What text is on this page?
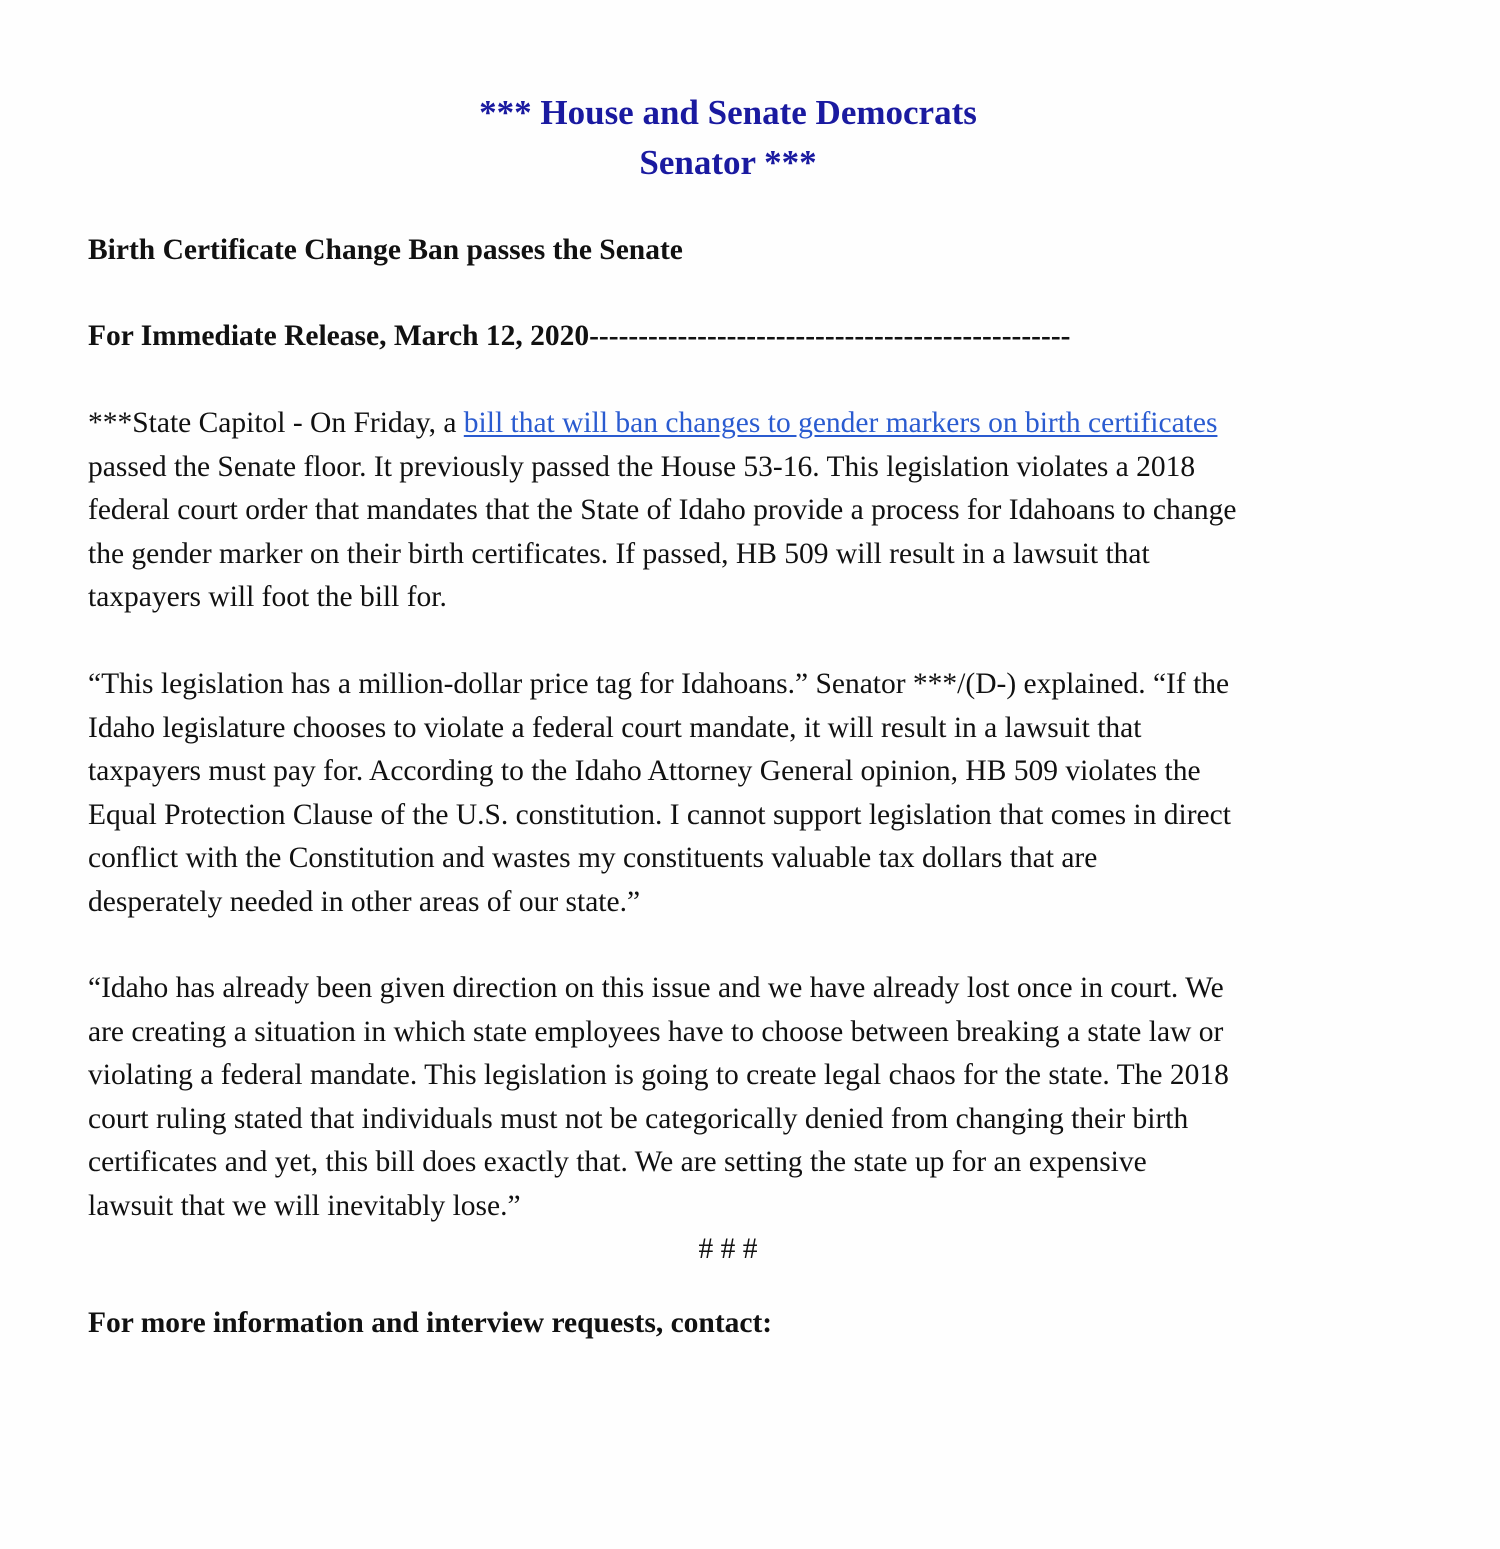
*** House and Senate Democrats
Senator ***
Birth Certificate Change Ban passes the Senate
For Immediate Release, March 12, 2020-------------------------------------------------
***State Capitol - On Friday, a bill that will ban changes to gender markers on birth certificates
passed the Senate floor. It previously passed the House 53-16. This legislation violates a 2018
federal court order that mandates that the State of Idaho provide a process for Idahoans to change
the gender marker on their birth certificates. If passed, HB 509 will result in a lawsuit that
taxpayers will foot the bill for.
“This legislation has a million-dollar price tag for Idahoans.” Senator ***/(D-) explained. “If the
Idaho legislature chooses to violate a federal court mandate, it will result in a lawsuit that
taxpayers must pay for. According to the Idaho Attorney General opinion, HB 509 violates the
Equal Protection Clause of the U.S. constitution. I cannot support legislation that comes in direct
conflict with the Constitution and wastes my constituents valuable tax dollars that are
desperately needed in other areas of our state.”
“Idaho has already been given direction on this issue and we have already lost once in court. We
are creating a situation in which state employees have to choose between breaking a state law or
violating a federal mandate. This legislation is going to create legal chaos for the state. The 2018
court ruling stated that individuals must not be categorically denied from changing their birth
certificates and yet, this bill does exactly that. We are setting the state up for an expensive
lawsuit that we will inevitably lose.”
# # #
For more information and interview requests, contact:
